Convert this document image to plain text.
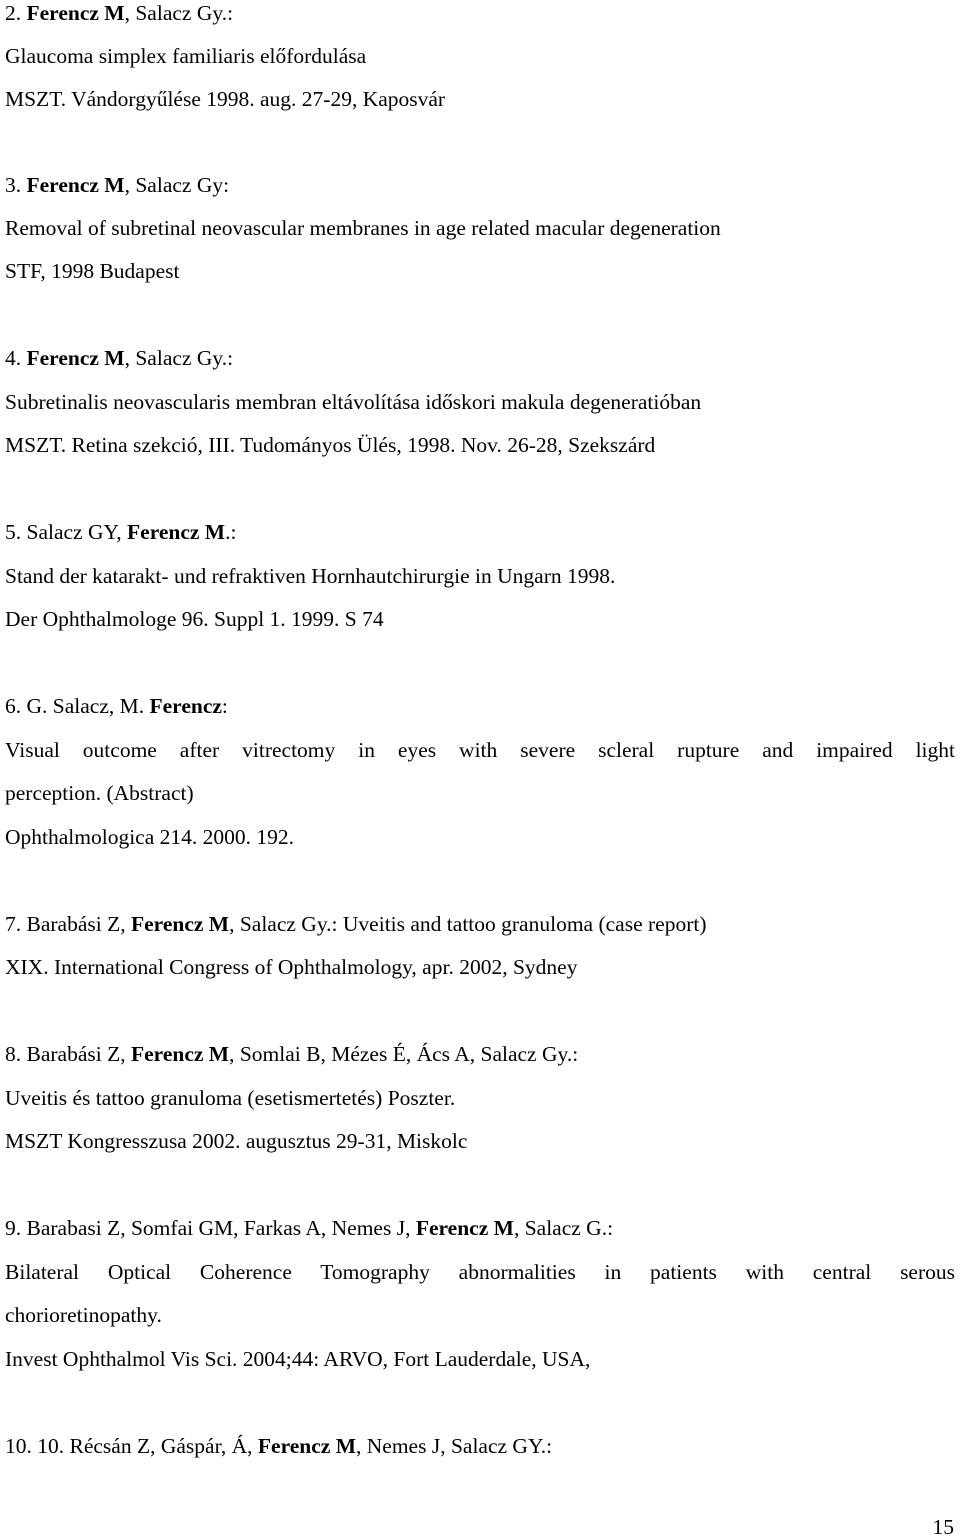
2. Ferencz M, Salacz Gy.:
Glaucoma simplex familiaris előfordulása
MSZT. Vándorgyűlése 1998. aug. 27-29, Kaposvár
3. Ferencz M, Salacz Gy:
Removal of subretinal neovascular membranes in age related macular degeneration
STF, 1998 Budapest
4. Ferencz M, Salacz Gy.:
Subretinalis neovascularis membran eltávolítása időskori makula degeneratióban
MSZT. Retina szekció, III. Tudományos Ülés, 1998. Nov. 26-28, Szekszárd
5. Salacz GY, Ferencz M.:
Stand der katarakt- und refraktiven Hornhautchirurgie in Ungarn 1998.
Der Ophthalmologe 96. Suppl 1. 1999. S 74
6. G. Salacz, M. Ferencz:
Visual outcome after vitrectomy in eyes with severe scleral rupture and impaired light
perception. (Abstract)
Ophthalmologica 214. 2000. 192.
7. Barabási Z, Ferencz M, Salacz Gy.: Uveitis and tattoo granuloma (case report)
XIX. International Congress of Ophthalmology, apr. 2002, Sydney
8. Barabási Z, Ferencz M, Somlai B, Mézes É, Ács A, Salacz Gy.:
Uveitis és tattoo granuloma (esetismertetés) Poszter.
MSZT Kongresszusa 2002. augusztus 29-31, Miskolc
9. Barabasi Z, Somfai GM, Farkas A, Nemes J, Ferencz M, Salacz G.:
Bilateral Optical Coherence Tomography abnormalities in patients with central serous
chorioretinopathy.
Invest Ophthalmol Vis Sci. 2004;44: ARVO, Fort Lauderdale, USA,
10. 10. Récsán Z, Gáspár, Á, Ferencz M, Nemes J, Salacz GY.:
15
